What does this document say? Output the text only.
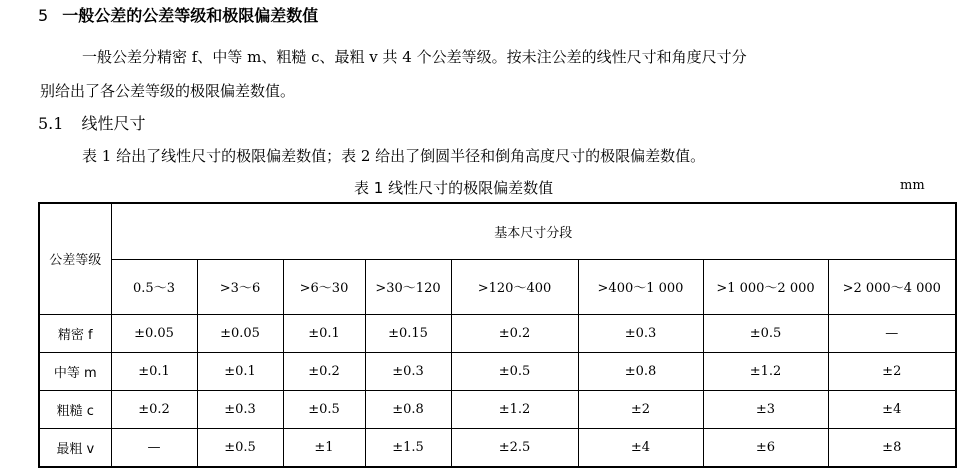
5 一般公差的公差等级和极限偏差数值
一般公差分精密 f、中等 m、粗糙 c、最粗 v 共 4 个公差等级。按未注公差的线性尺寸和角度尺寸分
别给出了各公差等级的极限偏差数值。
5.1 线性尺寸
表 1 给出了线性尺寸的极限偏差数值；表 2 给出了倒圆半径和倒角高度尺寸的极限偏差数值。
表 1 线性尺寸的极限偏差数值	mm
公差等级	基本尺寸分段							
	0.5～3	>3～6	>6～30	>30～120	>120～400	>400～1 000	>1 000～2 000	>2 000～4 000
精密 f	±0.05	±0.05	±0.1	±0.15	±0.2	±0.3	±0.5	—
中等 m	±0.1	±0.1	±0.2	±0.3	±0.5	±0.8	±1.2	±2
粗糙 c	±0.2	±0.3	±0.5	±0.8	±1.2	±2	±3	±4
最粗 v	—	±0.5	±1	±1.5	±2.5	±4	±6	±8
